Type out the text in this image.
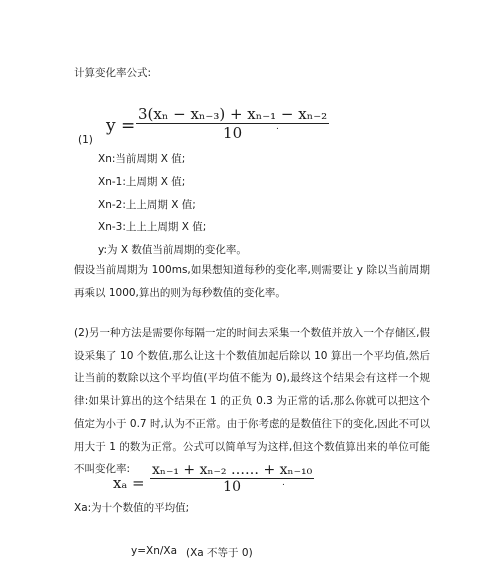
计算变化率公式:
(1)
y =
3(xₙ − xₙ₋₃) + xₙ₋₁ − xₙ₋₂
10	.
Xn:当前周期 X 值;
Xn-1:上周期 X 值;
Xn-2:上上周期 X 值;
Xn-3:上上上周期 X 值;
y:为 X 数值当前周期的变化率。
假设当前周期为 100ms,如果想知道每秒的变化率,则需要让 y 除以当前周期再乘以 1000,算出的则为每秒数值的变化率。
(2)另一种方法是需要你每隔一定的时间去采集一个数值并放入一个存储区,假设采集了 10 个数值,那么让这十个数值加起后除以 10 算出一个平均值,然后让当前的数除以这个平均值(平均值不能为 0),最终这个结果会有这样一个规律:如果计算出的这个结果在 1 的正负 0.3 为正常的话,那么你就可以把这个值定为小于 0.7 时,认为不正常。由于你考虑的是数值往下的变化,因此不可以用大于 1 的数为正常。公式可以简单写为这样,但这个数值算出来的单位可能不叫变化率:
xₐ =
xₙ₋₁ + xₙ₋₂ …… + xₙ₋₁₀
10	.
Xa:为十个数值的平均值;
y=Xn/Xa (Xa 不等于 0)
